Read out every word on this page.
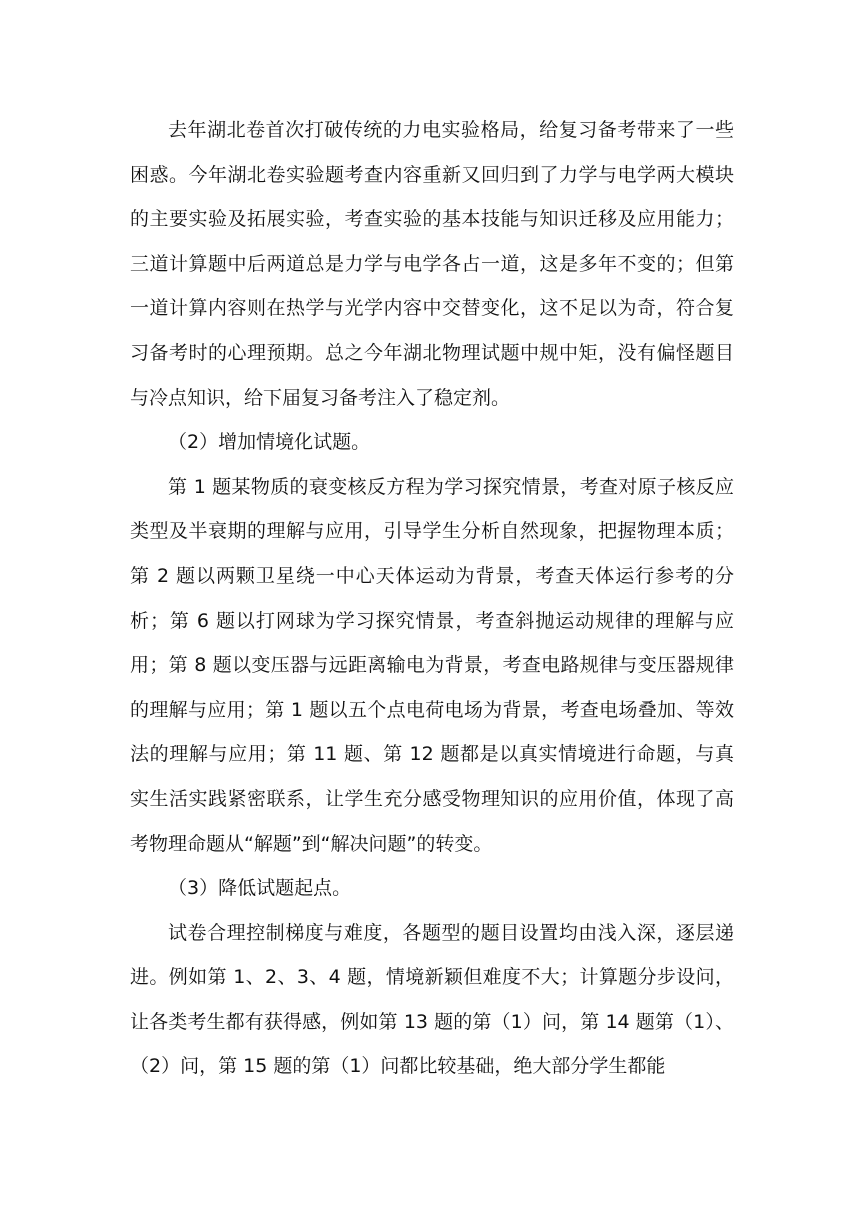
去年湖北卷首次打破传统的力电实验格局，给复习备考带来了一些困惑。今年湖北卷实验题考查内容重新又回归到了力学与电学两大模块的主要实验及拓展实验，考查实验的基本技能与知识迁移及应用能力；三道计算题中后两道总是力学与电学各占一道，这是多年不变的；但第一道计算内容则在热学与光学内容中交替变化，这不足以为奇，符合复习备考时的心理预期。总之今年湖北物理试题中规中矩，没有偏怪题目与冷点知识，给下届复习备考注入了稳定剂。

（2）增加情境化试题。

第 1 题某物质的衰变核反方程为学习探究情景，考查对原子核反应类型及半衰期的理解与应用，引导学生分析自然现象，把握物理本质；第 2 题以两颗卫星绕一中心天体运动为背景，考查天体运行参考的分析；第 6 题以打网球为学习探究情景，考查斜抛运动规律的理解与应用；第 8 题以变压器与远距离输电为背景，考查电路规律与变压器规律的理解与应用；第 1 题以五个点电荷电场为背景，考查电场叠加、等效法的理解与应用；第 11 题、第 12 题都是以真实情境进行命题，与真实生活实践紧密联系，让学生充分感受物理知识的应用价值，体现了高考物理命题从“解题”到“解决问题”的转变。

（3）降低试题起点。

试卷合理控制梯度与难度，各题型的题目设置均由浅入深，逐层递进。例如第 1、2、3、4 题，情境新颖但难度不大；计算题分步设问，让各类考生都有获得感，例如第 13 题的第（1）问，第 14 题第（1）、（2）问，第 15 题的第（1）问都比较基础，绝大部分学生都能
